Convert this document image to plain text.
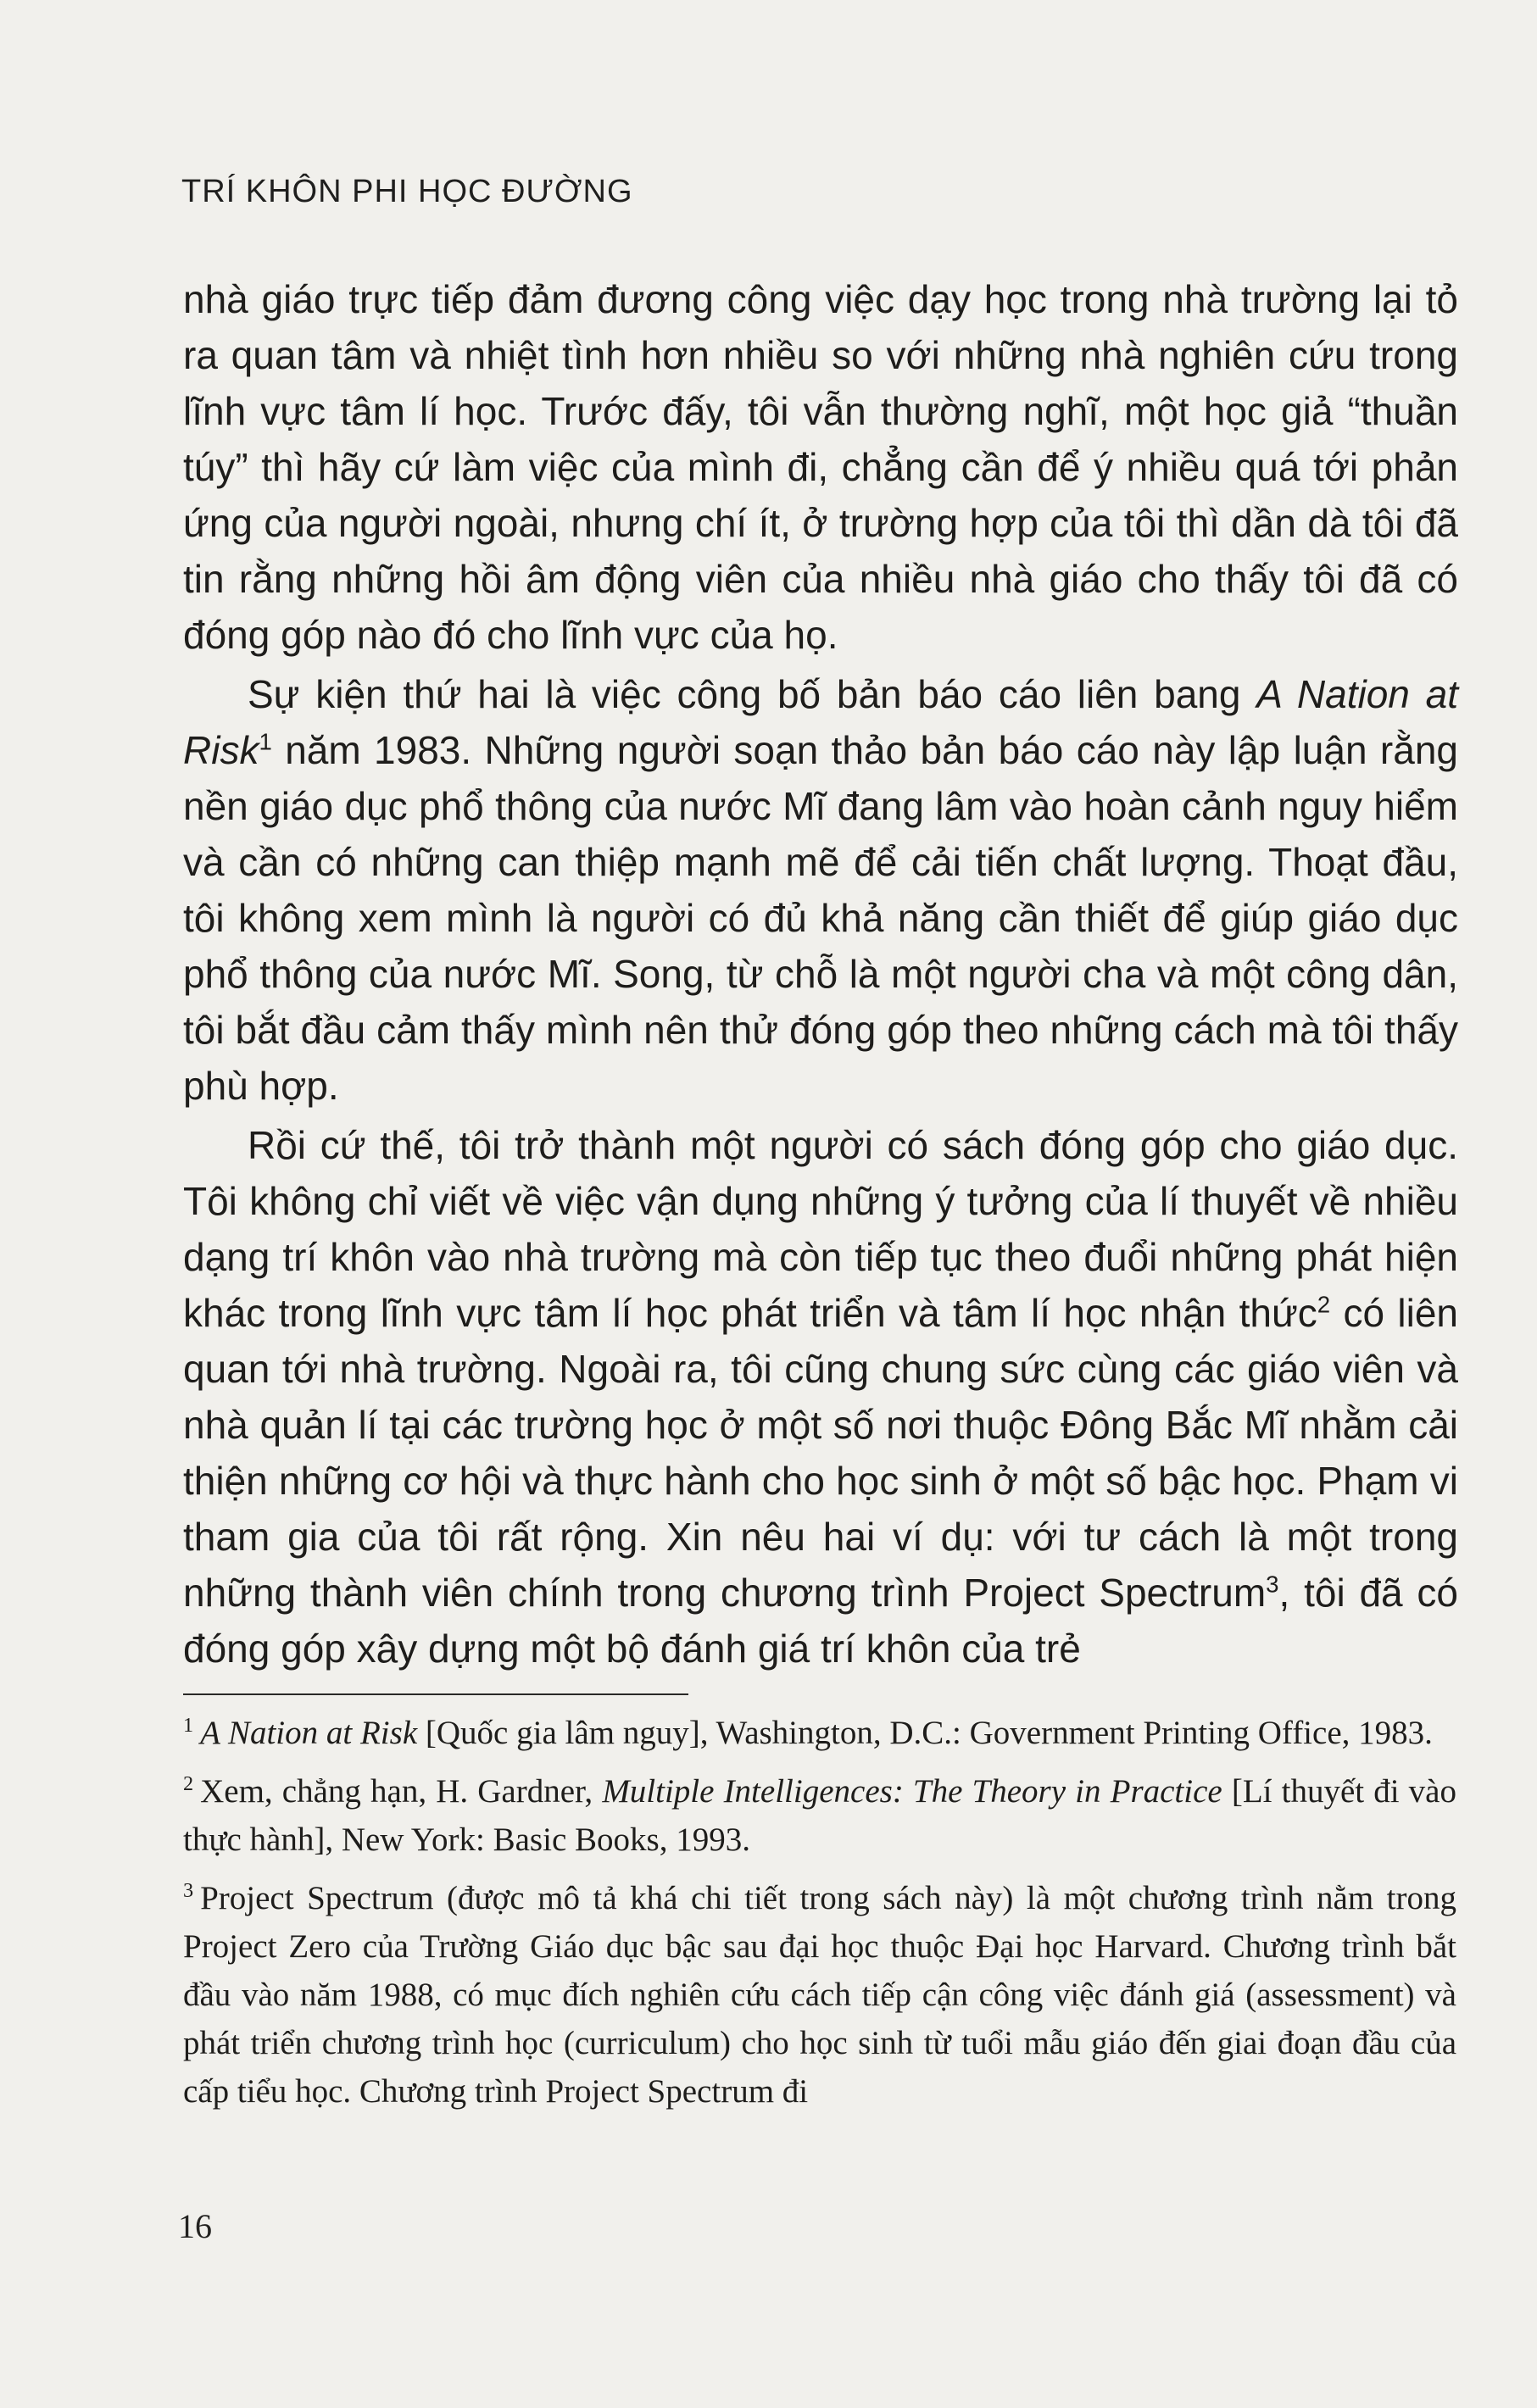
TRÍ KHÔN PHI HỌC ĐƯỜNG

nhà giáo trực tiếp đảm đương công việc dạy học trong nhà trường lại tỏ ra quan tâm và nhiệt tình hơn nhiều so với những nhà nghiên cứu trong lĩnh vực tâm lí học. Trước đấy, tôi vẫn thường nghĩ, một học giả “thuần túy” thì hãy cứ làm việc của mình đi, chẳng cần để ý nhiều quá tới phản ứng của người ngoài, nhưng chí ít, ở trường hợp của tôi thì dần dà tôi đã tin rằng những hồi âm động viên của nhiều nhà giáo cho thấy tôi đã có đóng góp nào đó cho lĩnh vực của họ.

Sự kiện thứ hai là việc công bố bản báo cáo liên bang A Nation at Risk$^1$ năm 1983. Những người soạn thảo bản báo cáo này lập luận rằng nền giáo dục phổ thông của nước Mĩ đang lâm vào hoàn cảnh nguy hiểm và cần có những can thiệp mạnh mẽ để cải tiến chất lượng. Thoạt đầu, tôi không xem mình là người có đủ khả năng cần thiết để giúp giáo dục phổ thông của nước Mĩ. Song, từ chỗ là một người cha và một công dân, tôi bắt đầu cảm thấy mình nên thử đóng góp theo những cách mà tôi thấy phù hợp.

Rồi cứ thế, tôi trở thành một người có sách đóng góp cho giáo dục. Tôi không chỉ viết về việc vận dụng những ý tưởng của lí thuyết về nhiều dạng trí khôn vào nhà trường mà còn tiếp tục theo đuổi những phát hiện khác trong lĩnh vực tâm lí học phát triển và tâm lí học nhận thức$^2$ có liên quan tới nhà trường. Ngoài ra, tôi cũng chung sức cùng các giáo viên và nhà quản lí tại các trường học ở một số nơi thuộc Đông Bắc Mĩ nhằm cải thiện những cơ hội và thực hành cho học sinh ở một số bậc học. Phạm vi tham gia của tôi rất rộng. Xin nêu hai ví dụ: với tư cách là một trong những thành viên chính trong chương trình Project Spectrum$^3$, tôi đã có đóng góp xây dựng một bộ đánh giá trí khôn của trẻ

$^1$ A Nation at Risk [Quốc gia lâm nguy], Washington, D.C.: Government Printing Office, 1983.

$^2$ Xem, chẳng hạn, H. Gardner, Multiple Intelligences: The Theory in Practice [Lí thuyết đi vào thực hành], New York: Basic Books, 1993.

$^3$ Project Spectrum (được mô tả khá chi tiết trong sách này) là một chương trình nằm trong Project Zero của Trường Giáo dục bậc sau đại học thuộc Đại học Harvard. Chương trình bắt đầu vào năm 1988, có mục đích nghiên cứu cách tiếp cận công việc đánh giá (assessment) và phát triển chương trình học (curriculum) cho học sinh từ tuổi mẫu giáo đến giai đoạn đầu của cấp tiểu học. Chương trình Project Spectrum đi

16
